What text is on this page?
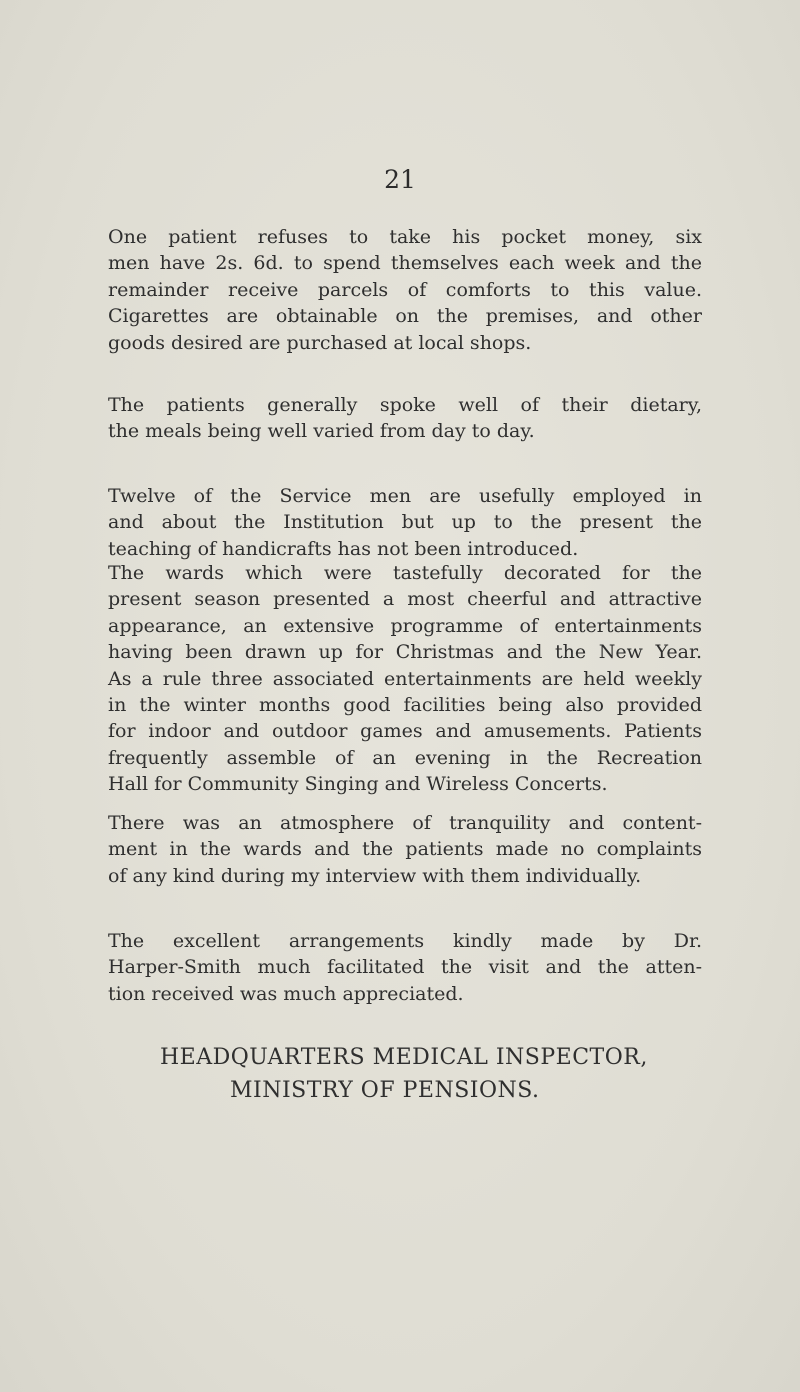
21
One patient refuses to take his pocket money, six
men have 2s. 6d. to spend themselves each week and the
remainder receive parcels of comforts to this value.
Cigarettes are obtainable on the premises, and other
goods desired are purchased at local shops.
The patients generally spoke well of their dietary,
the meals being well varied from day to day.
Twelve of the Service men are usefully employed in
and about the Institution but up to the present the
teaching of handicrafts has not been introduced.
The wards which were tastefully decorated for the
present season presented a most cheerful and attractive
appearance, an extensive programme of entertainments
having been drawn up for Christmas and the New Year.
As a rule three associated entertainments are held weekly
in the winter months good facilities being also provided
for indoor and outdoor games and amusements. Patients
frequently assemble of an evening in the Recreation
Hall for Community Singing and Wireless Concerts.
There was an atmosphere of tranquility and content-
ment in the wards and the patients made no complaints
of any kind during my interview with them individually.
The excellent arrangements kindly made by Dr.
Harper-Smith much facilitated the visit and the atten-
tion received was much appreciated.
HEADQUARTERS MEDICAL INSPECTOR,
MINISTRY OF PENSIONS.
